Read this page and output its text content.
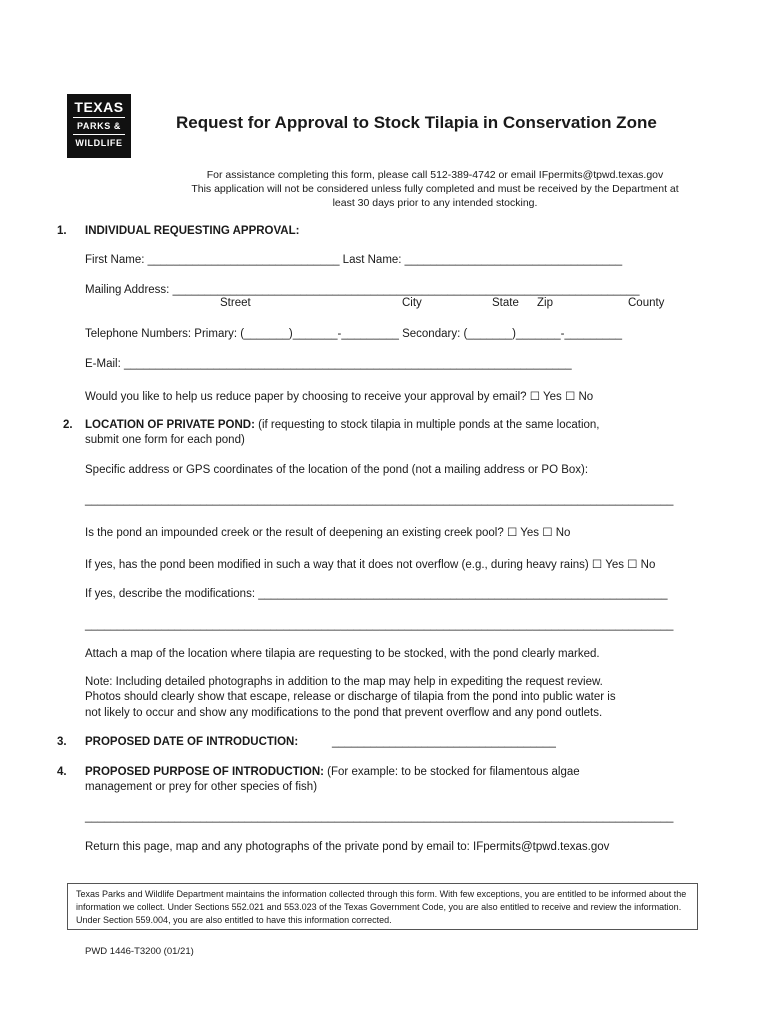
TEXAS
PARKS &
WILDLIFE
Request for Approval to Stock Tilapia in Conservation Zone
For assistance completing this form, please call 512-389-4742 or email IFpermits@tpwd.texas.gov
This application will not be considered unless fully completed and must be received by the Department at
least 30 days prior to any intended stocking.
1. INDIVIDUAL REQUESTING APPROVAL:
First Name: ______________________________ Last Name: __________________________________
Mailing Address: _________________________________________________________________________
Street	City	State Zip	County
Telephone Numbers: Primary: (_______)_______-_________ Secondary: (_______)_______-_________
E-Mail: ______________________________________________________________________
Would you like to help us reduce paper by choosing to receive your approval by email? ☐ Yes ☐ No
2. LOCATION OF PRIVATE POND: (if requesting to stock tilapia in multiple ponds at the same location,
submit one form for each pond)
Specific address or GPS coordinates of the location of the pond (not a mailing address or PO Box):
____________________________________________________________________________________________
Is the pond an impounded creek or the result of deepening an existing creek pool? ☐ Yes ☐ No
If yes, has the pond been modified in such a way that it does not overflow (e.g., during heavy rains) ☐ Yes ☐ No
If yes, describe the modifications: ________________________________________________________________
____________________________________________________________________________________________
Attach a map of the location where tilapia are requesting to be stocked, with the pond clearly marked.
Note: Including detailed photographs in addition to the map may help in expediting the request review.
Photos should clearly show that escape, release or discharge of tilapia from the pond into public water is
not likely to occur and show any modifications to the pond that prevent overflow and any pond outlets.
3. PROPOSED DATE OF INTRODUCTION:	___________________________________
4. PROPOSED PURPOSE OF INTRODUCTION: (For example: to be stocked for filamentous algae
management or prey for other species of fish)
____________________________________________________________________________________________
Return this page, map and any photographs of the private pond by email to: IFpermits@tpwd.texas.gov
Texas Parks and Wildlife Department maintains the information collected through this form. With few exceptions, you are entitled to be informed about the information we collect. Under Sections 552.021 and 553.023 of the Texas Government Code, you are also entitled to receive and review the information. Under Section 559.004, you are also entitled to have this information corrected.
PWD 1446-T3200 (01/21)
